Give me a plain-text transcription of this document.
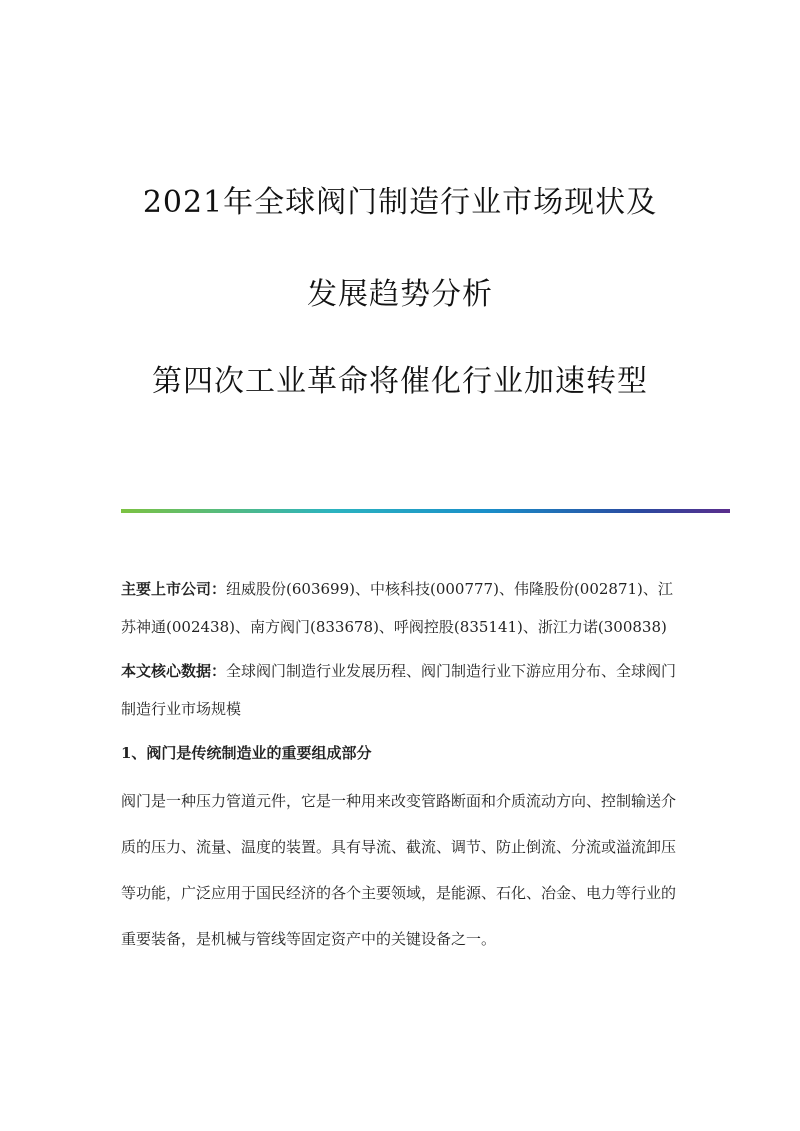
2021年全球阀门制造行业市场现状及
发展趋势分析
第四次工业革命将催化行业加速转型

主要上市公司：纽威股份(603699)、中核科技(000777)、伟隆股份(002871)、江苏神通(002438)、南方阀门(833678)、呼阀控股(835141)、浙江力诺(300838)

本文核心数据：全球阀门制造行业发展历程、阀门制造行业下游应用分布、全球阀门制造行业市场规模

1、阀门是传统制造业的重要组成部分

阀门是一种压力管道元件，它是一种用来改变管路断面和介质流动方向、控制输送介质的压力、流量、温度的装置。具有导流、截流、调节、防止倒流、分流或溢流卸压等功能，广泛应用于国民经济的各个主要领域，是能源、石化、冶金、电力等行业的重要装备，是机械与管线等固定资产中的关键设备之一。
